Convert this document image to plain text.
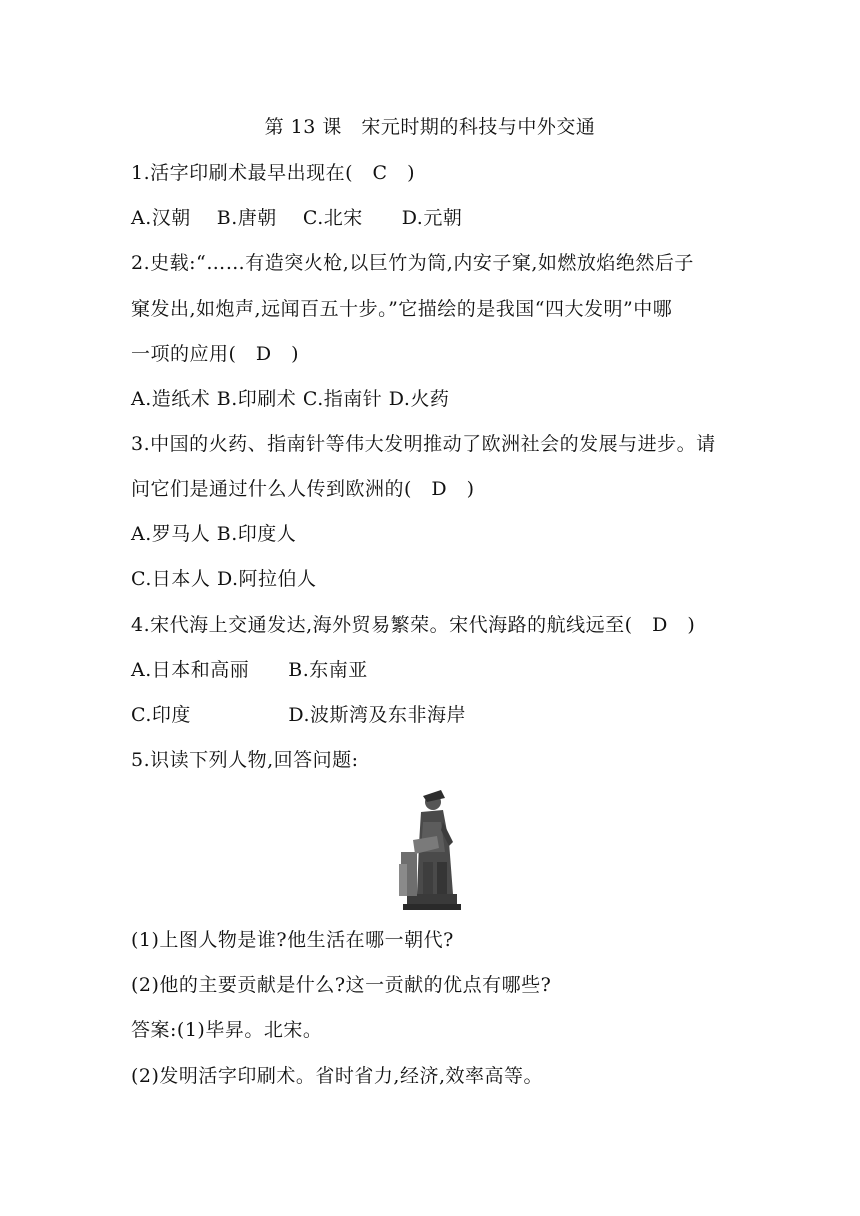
第 13 课　宋元时期的科技与中外交通
1.活字印刷术最早出现在(　C　)
A.汉朝　 B.唐朝　 C.北宋　　D.元朝
2.史载:“……有造突火枪,以巨竹为筒,内安子窠,如燃放焰绝然后子
窠发出,如炮声,远闻百五十步。”它描绘的是我国“四大发明”中哪
一项的应用(　D　)
A.造纸术 B.印刷术 C.指南针 D.火药
3.中国的火药、指南针等伟大发明推动了欧洲社会的发展与进步。请
问它们是通过什么人传到欧洲的(　D　)
A.罗马人 B.印度人
C.日本人 D.阿拉伯人
4.宋代海上交通发达,海外贸易繁荣。宋代海路的航线远至(　D　)
A.日本和高丽　　B.东南亚
C.印度　　　　　D.波斯湾及东非海岸
5.识读下列人物,回答问题:
(1)上图人物是谁?他生活在哪一朝代?
(2)他的主要贡献是什么?这一贡献的优点有哪些?
答案:(1)毕昇。北宋。
(2)发明活字印刷术。省时省力,经济,效率高等。
